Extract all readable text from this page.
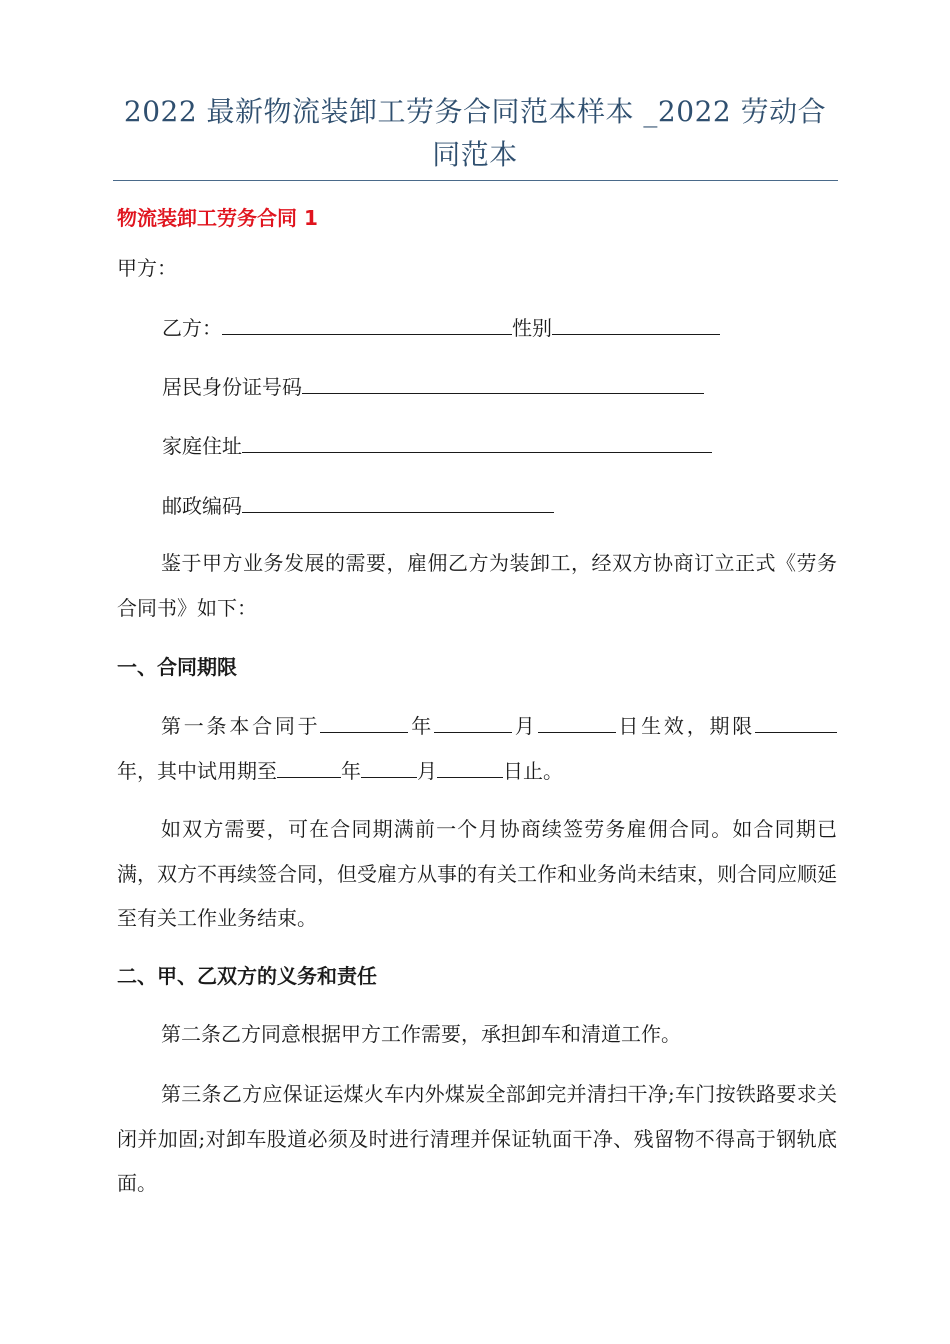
2022 最新物流装卸工劳务合同范本样本 _2022 劳动合同范本
物流装卸工劳务合同 1
甲方：
乙方：	性别
居民身份证号码
家庭住址
邮政编码
鉴于甲方业务发展的需要，雇佣乙方为装卸工，经双方协商订立正式《劳务合同书》如下：
一、合同期限
第一条本合同于	年	月	日生效，期限年，其中试用期至	年	月	日止。
如双方需要，可在合同期满前一个月协商续签劳务雇佣合同。如合同期已满，双方不再续签合同，但受雇方从事的有关工作和业务尚未结束，则合同应顺延至有关工作业务结束。
二、甲、乙双方的义务和责任
第二条乙方同意根据甲方工作需要，承担卸车和清道工作。
第三条乙方应保证运煤火车内外煤炭全部卸完并清扫干净;车门按铁路要求关闭并加固;对卸车股道必须及时进行清理并保证轨面干净、残留物不得高于钢轨底面。
